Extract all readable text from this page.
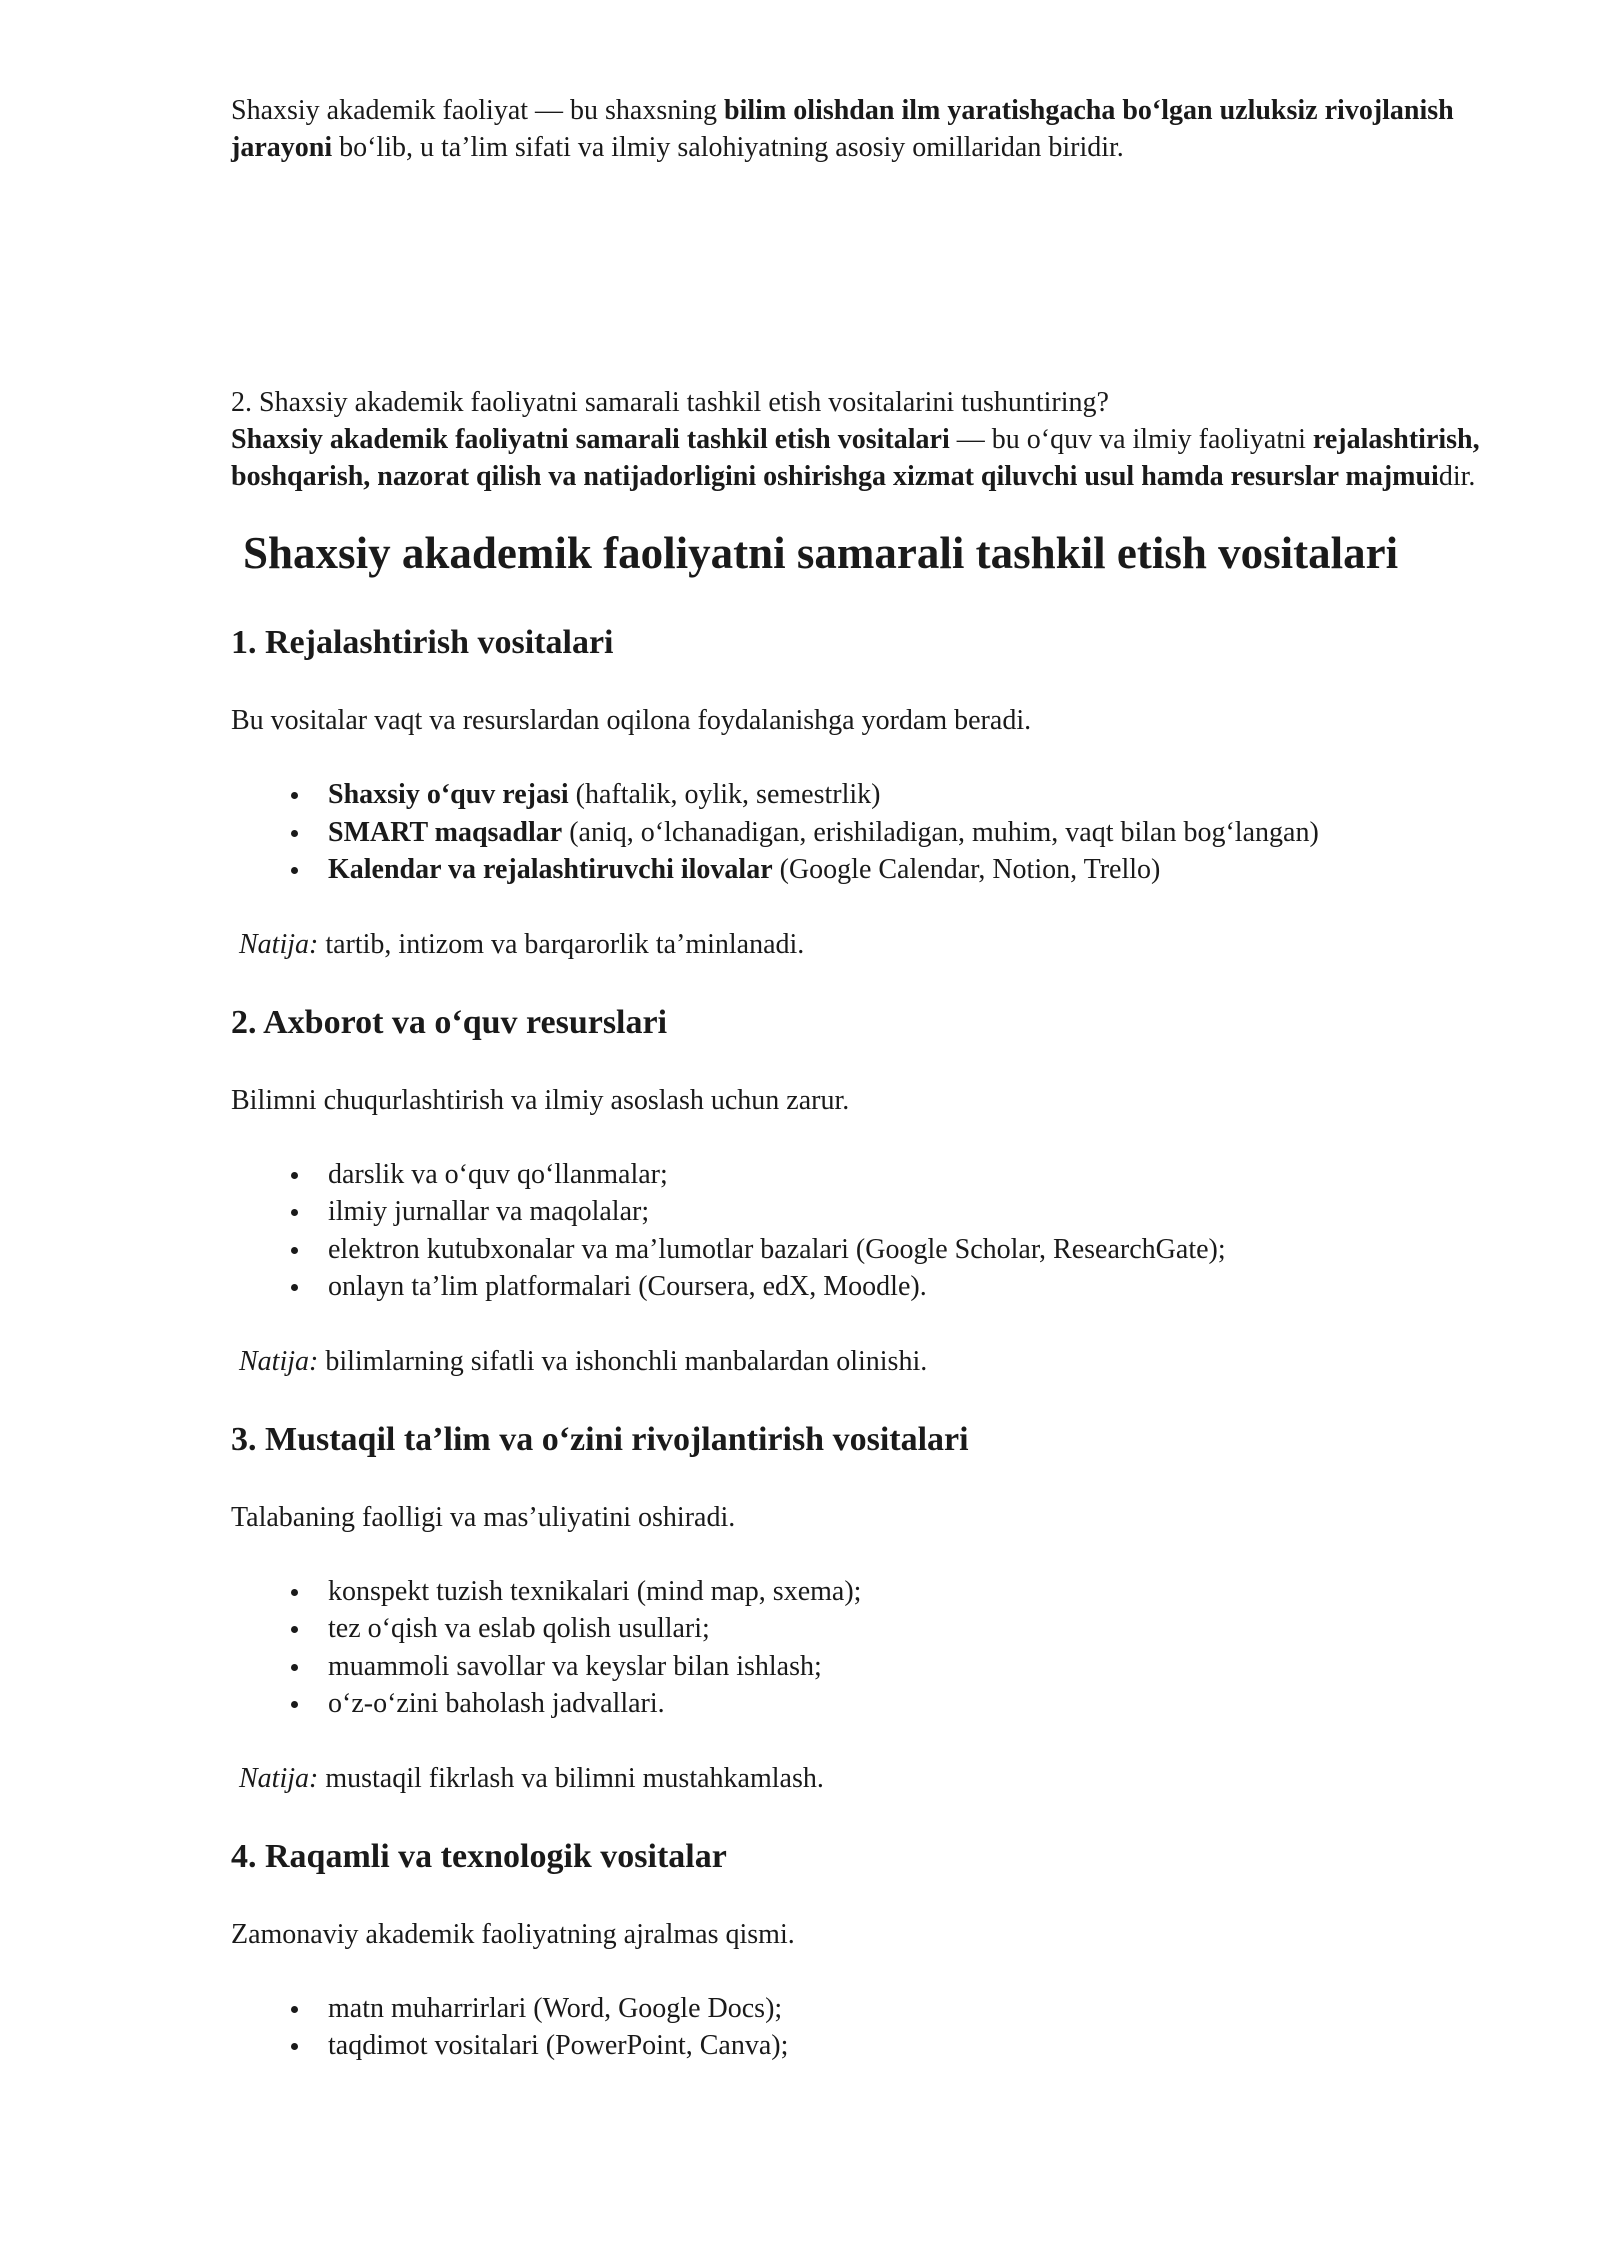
Shaxsiy akademik faoliyat — bu shaxsning bilim olishdan ilm yaratishgacha bo‘lgan uzluksiz rivojlanish jarayoni bo‘lib, u ta’lim sifati va ilmiy salohiyatning asosiy omillaridan biridir.

2. Shaxsiy akademik faoliyatni samarali tashkil etish vositalarini tushuntiring?

Shaxsiy akademik faoliyatni samarali tashkil etish vositalari — bu o‘quv va ilmiy faoliyatni rejalashtirish, boshqarish, nazorat qilish va natijadorligini oshirishga xizmat qiluvchi usul hamda resurslar majmuidir.

Shaxsiy akademik faoliyatni samarali tashkil etish vositalari
1. Rejalashtirish vositalari

Bu vositalar vaqt va resurslardan oqilona foydalanishga yordam beradi.

Shaxsiy o‘quv rejasi (haftalik, oylik, semestrlik)
SMART maqsadlar (aniq, o‘lchanadigan, erishiladigan, muhim, vaqt bilan bog‘langan)
Kalendar va rejalashtiruvchi ilovalar (Google Calendar, Notion, Trello)

Natija: tartib, intizom va barqarorlik ta’minlanadi.

2. Axborot va o‘quv resurslari

Bilimni chuqurlashtirish va ilmiy asoslash uchun zarur.

darslik va o‘quv qo‘llanmalar;
ilmiy jurnallar va maqolalar;
elektron kutubxonalar va ma’lumotlar bazalari (Google Scholar, ResearchGate);
onlayn ta’lim platformalari (Coursera, edX, Moodle).

Natija: bilimlarning sifatli va ishonchli manbalardan olinishi.

3. Mustaqil ta’lim va o‘zini rivojlantirish vositalari

Talabaning faolligi va mas’uliyatini oshiradi.

konspekt tuzish texnikalari (mind map, sxema);
tez o‘qish va eslab qolish usullari;
muammoli savollar va keyslar bilan ishlash;
o‘z-o‘zini baholash jadvallari.

Natija: mustaqil fikrlash va bilimni mustahkamlash.

4. Raqamli va texnologik vositalar

Zamonaviy akademik faoliyatning ajralmas qismi.

matn muharrirlari (Word, Google Docs);
taqdimot vositalari (PowerPoint, Canva);
